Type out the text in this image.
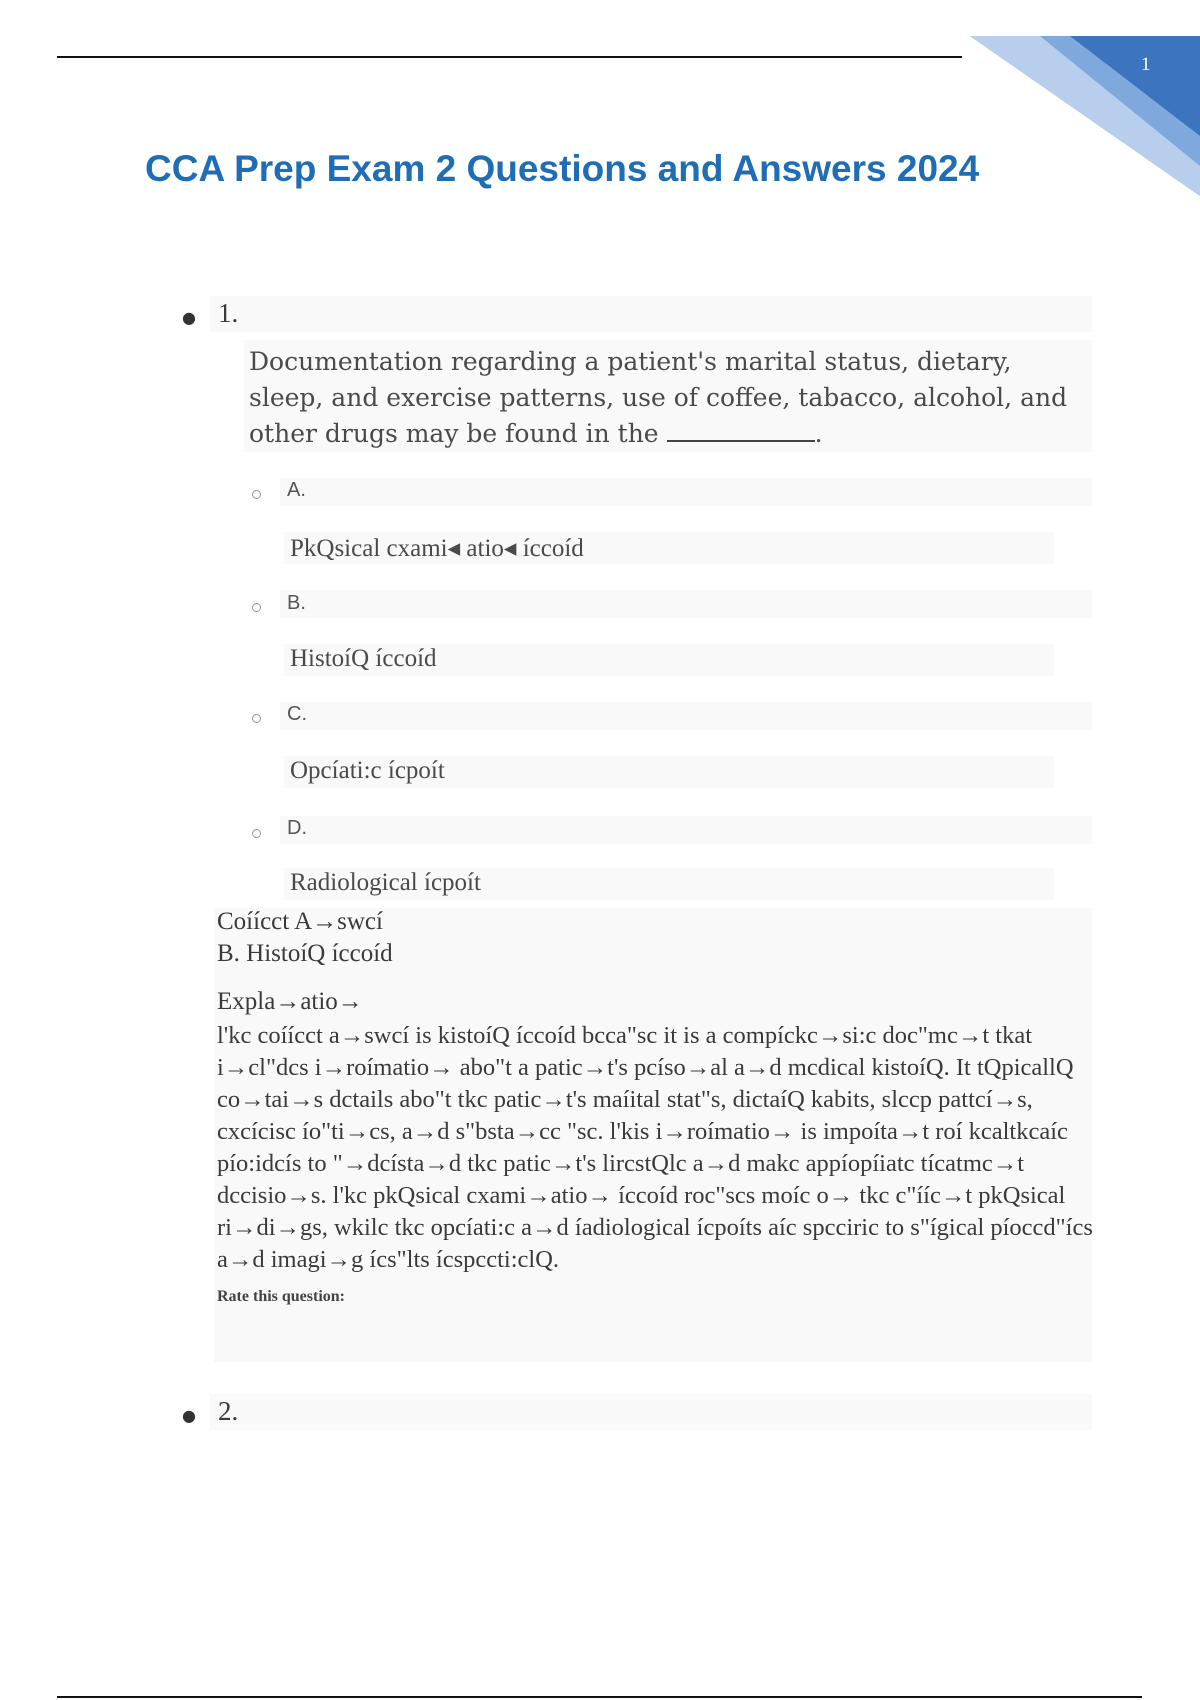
1
CCA Prep Exam 2 Questions and Answers 2024
● 1.
Documentation regarding a patient's marital status, dietary, sleep, and exercise patterns, use of coffee, tabacco, alcohol, and other drugs may be found in the	.
A.
PkQsical cxami◂ atio◂ íccoíd
B.
HistoíQ íccoíd
C.
Opcíati:c ícpoít
D.
Radiological ícpoít
Coíícct A→swcí
B. HistoíQ íccoíd
Expla→atio→
l'kc coíícct a→swcí is kistoíQ íccoíd bcca"sc it is a compíckc→si:c doc"mc→t tkat i→cl"dcs i→roímatio→ abo"t a patic→t's pcíso→al a→d mcdical kistoíQ. It tQpicallQ co→tai→s dctails abo"t tkc patic→t's maíital stat"s, dictaíQ kabits, slccp pattcí→s, cxcícisc ío"ti→cs, a→d s"bsta→cc "sc. l'kis i→roímatio→ is impoíta→t roí kcaltkcaíc pío:idcís to "→dcísta→d tkc patic→t's lircstQlc a→d makc appíopíiatc tícatmc→t dccisio→s. l'kc pkQsical cxami→atio→ íccoíd roc"scs moíc o→ tkc c"ííc→t pkQsical ri→di→gs, wkilc tkc opcíati:c a→d íadiological ícpoíts aíc spcciric to s"ígical píoccd"ícs a→d imagi→g ícs"lts ícspccti:clQ.
Rate this question:
● 2.
